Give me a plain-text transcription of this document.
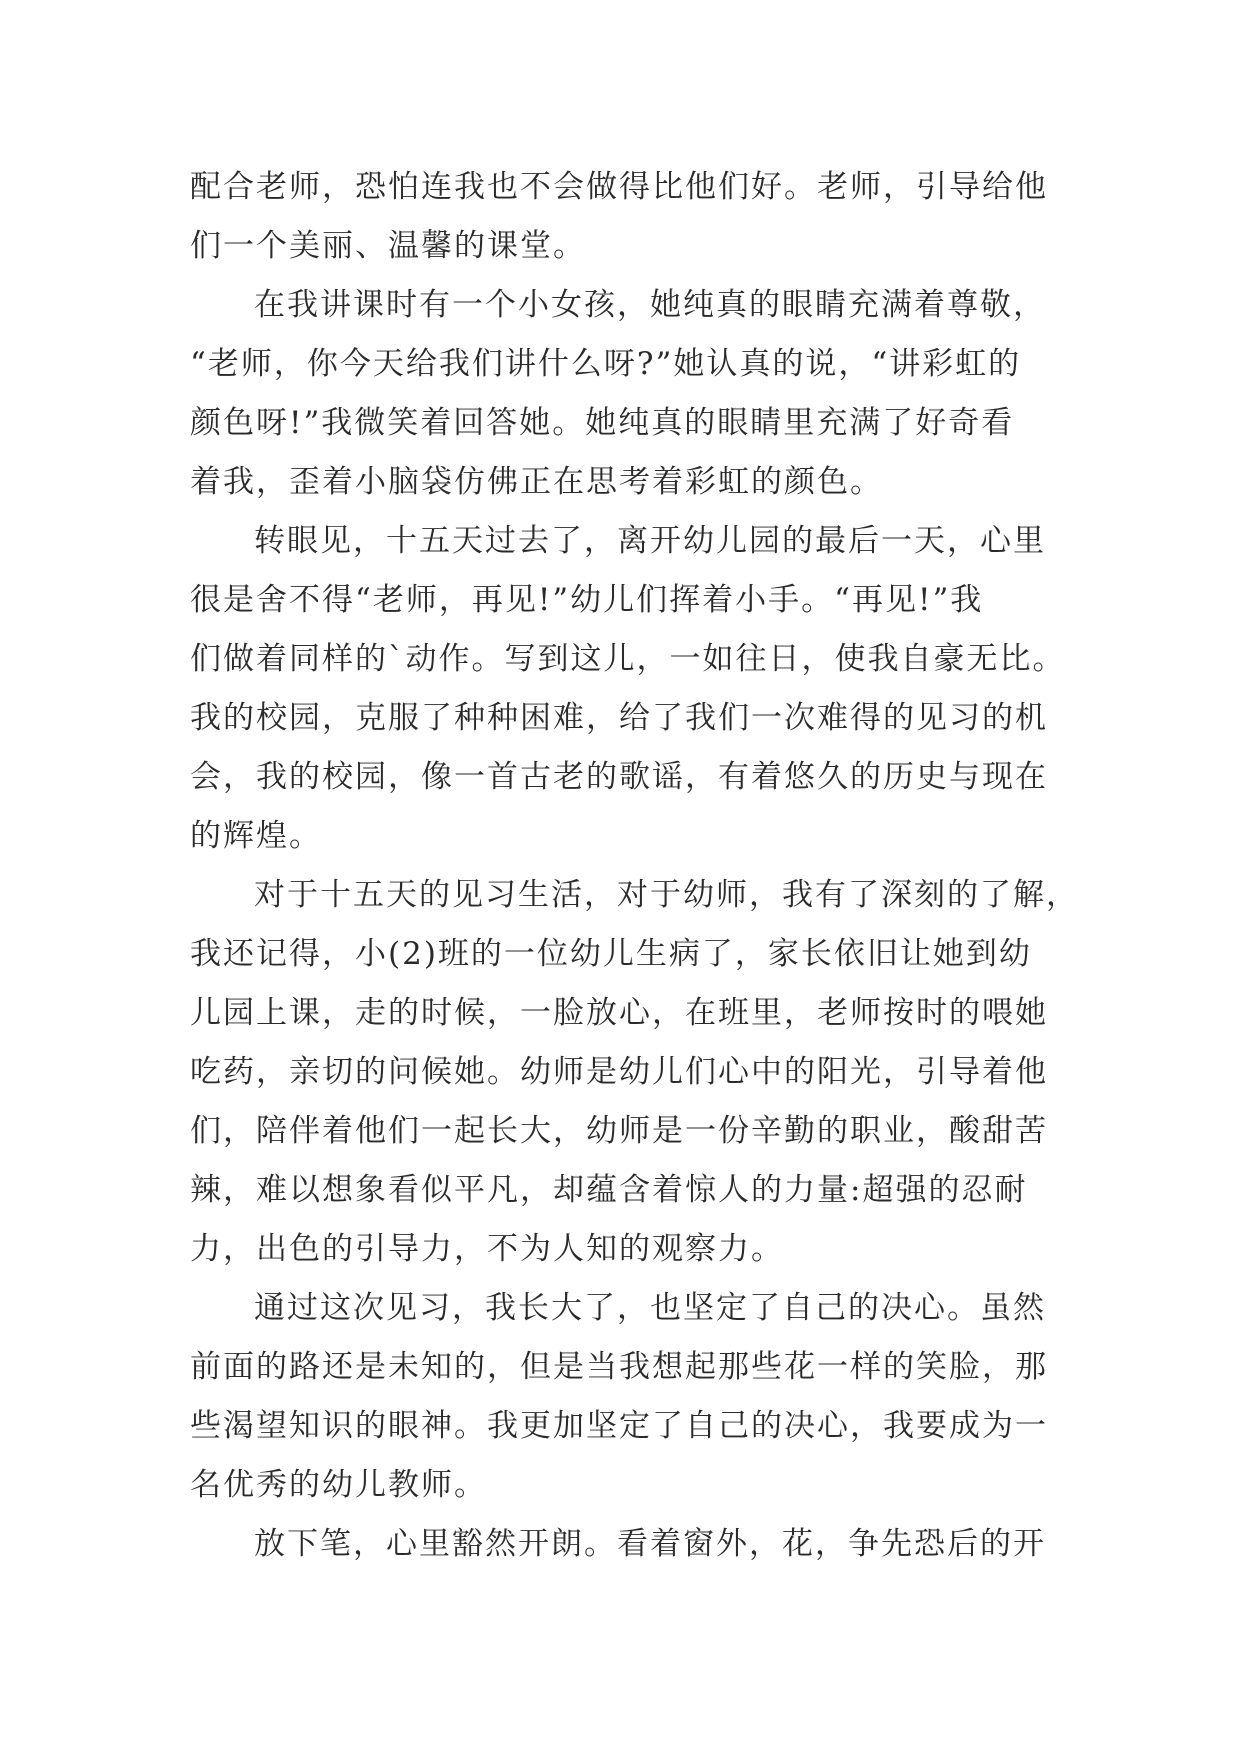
配合老师，恐怕连我也不会做得比他们好。老师，引导给他
们一个美丽、温馨的课堂。
在我讲课时有一个小女孩，她纯真的眼睛充满着尊敬，
“老师，你今天给我们讲什么呀?”她认真的说，“讲彩虹的
颜色呀!”我微笑着回答她。她纯真的眼睛里充满了好奇看
着我，歪着小脑袋仿佛正在思考着彩虹的颜色。
转眼见，十五天过去了，离开幼儿园的最后一天，心里
很是舍不得“老师，再见!”幼儿们挥着小手。“再见!”我
们做着同样的`动作。写到这儿，一如往日，使我自豪无比。
我的校园，克服了种种困难，给了我们一次难得的见习的机
会，我的校园，像一首古老的歌谣，有着悠久的历史与现在
的辉煌。
对于十五天的见习生活，对于幼师，我有了深刻的了解，
我还记得，小(2)班的一位幼儿生病了，家长依旧让她到幼
儿园上课，走的时候，一脸放心，在班里，老师按时的喂她
吃药，亲切的问候她。幼师是幼儿们心中的阳光，引导着他
们，陪伴着他们一起长大，幼师是一份辛勤的职业，酸甜苦
辣，难以想象看似平凡，却蕴含着惊人的力量:超强的忍耐
力，出色的引导力，不为人知的观察力。
通过这次见习，我长大了，也坚定了自己的决心。虽然
前面的路还是未知的，但是当我想起那些花一样的笑脸，那
些渴望知识的眼神。我更加坚定了自己的决心，我要成为一
名优秀的幼儿教师。
放下笔，心里豁然开朗。看着窗外，花，争先恐后的开
